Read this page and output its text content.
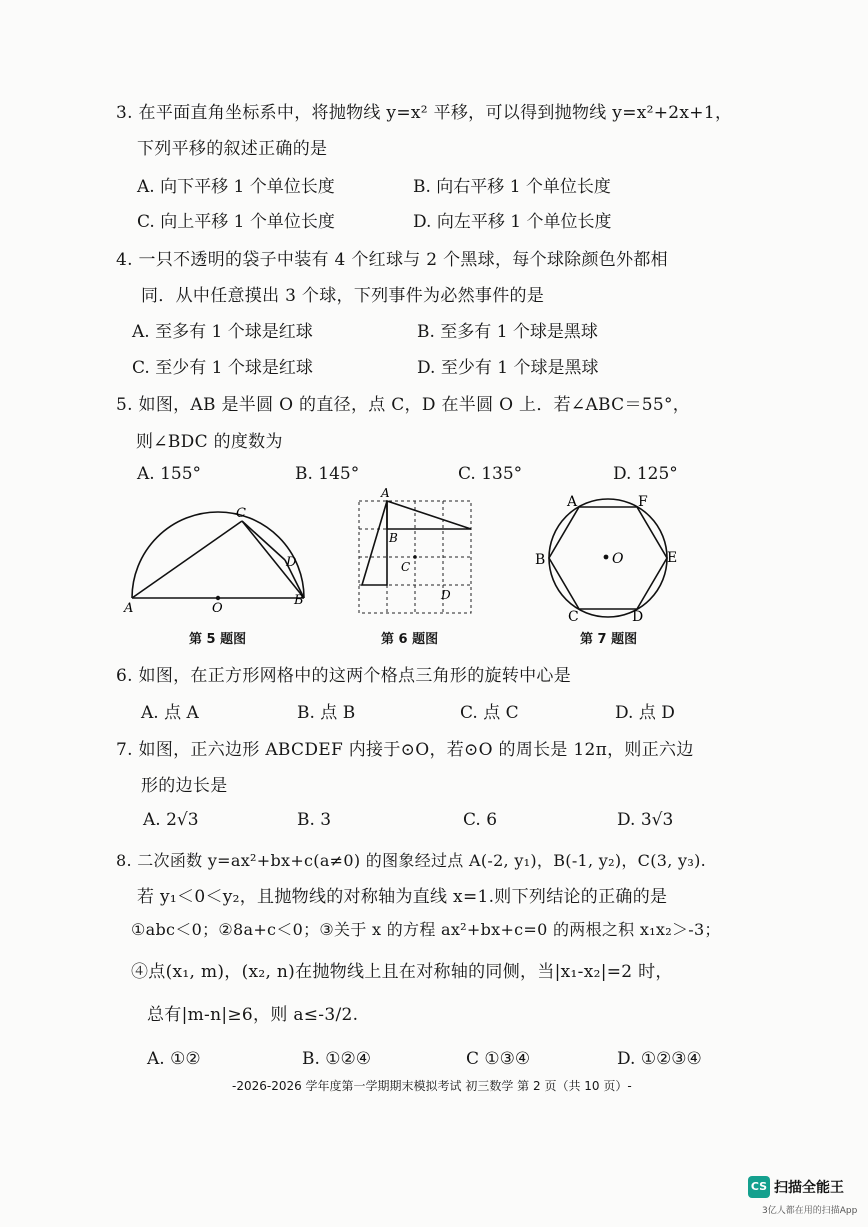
3. 在平面直角坐标系中，将抛物线 y=x² 平移，可以得到抛物线 y=x²+2x+1，
下列平移的叙述正确的是
A. 向下平移 1 个单位长度	B. 向右平移 1 个单位长度
C. 向上平移 1 个单位长度	D. 向左平移 1 个单位长度
4. 一只不透明的袋子中装有 4 个红球与 2 个黑球，每个球除颜色外都相
同．从中任意摸出 3 个球，下列事件为必然事件的是
A. 至多有 1 个球是红球	B. 至多有 1 个球是黑球
C. 至少有 1 个球是红球	D. 至少有 1 个球是黑球
5. 如图，AB 是半圆 O 的直径，点 C，D 在半圆 O 上．若∠ABC＝55°，
则∠BDC 的度数为
A. 155°	B. 145°	C. 135°	D. 125°
C
D
A	O
B
第 5 题图
A
B
C
D
第 6 题图
O
A	F
B	E
C	D
第 7 题图
6. 如图，在正方形网格中的这两个格点三角形的旋转中心是
A. 点 A	B. 点 B	C. 点 C	D. 点 D
7. 如图，正六边形 ABCDEF 内接于⊙O，若⊙O 的周长是 12π，则正六边
形的边长是
A. 2√3	B. 3	C. 6	D. 3√3
8. 二次函数 y=ax²+bx+c(a≠0) 的图象经过点 A(-2, y₁)，B(-1, y₂)，C(3, y₃).
若 y₁＜0＜y₂，且抛物线的对称轴为直线 x=1.则下列结论的正确的是
①abc＜0；②8a+c＜0；③关于 x 的方程 ax²+bx+c=0 的两根之积 x₁x₂＞-3；
④点(x₁, m)，(x₂, n)在抛物线上且在对称轴的同侧，当|x₁-x₂|=2 时，
总有|m-n|≥6，则 a≤-3/2.
A. ①②	B. ①②④	C ①③④	D. ①②③④
-2026-2026 学年度第一学期期末模拟考试 初三数学 第 2 页（共 10 页）-
CS 扫描全能王
3亿人都在用的扫描App
